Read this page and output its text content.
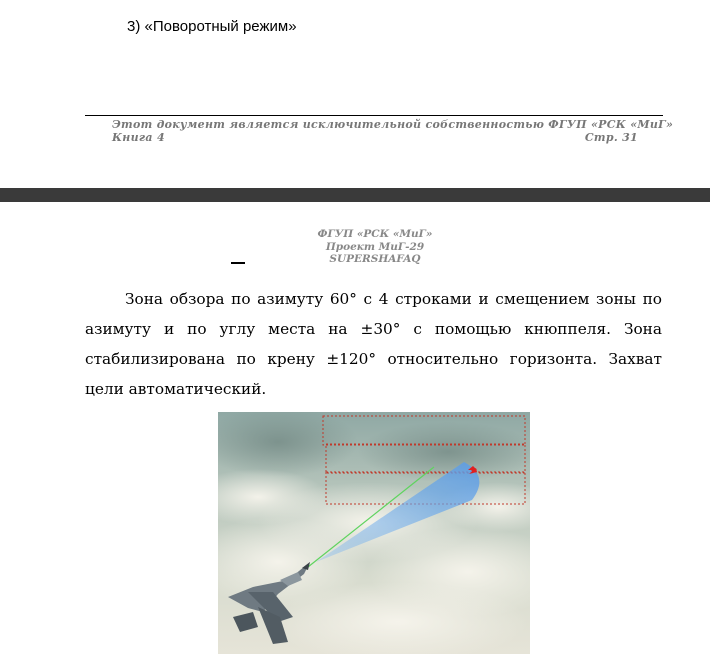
3) «Поворотный режим»
Этот документ является исключительной собственностью ФГУП «РСК «МиГ»
Книга 4	Стр. 31
ФГУП «РСК «МиГ»
Проект МиГ-29
SUPERSHAFAQ
Зона обзора по азимуту 60° с 4 строками и смещением зоны по азимуту и по углу места на ±30° с помощью кнюппеля. Зона стабилизирована по крену ±120° относительно горизонта. Захват цели автоматический.
